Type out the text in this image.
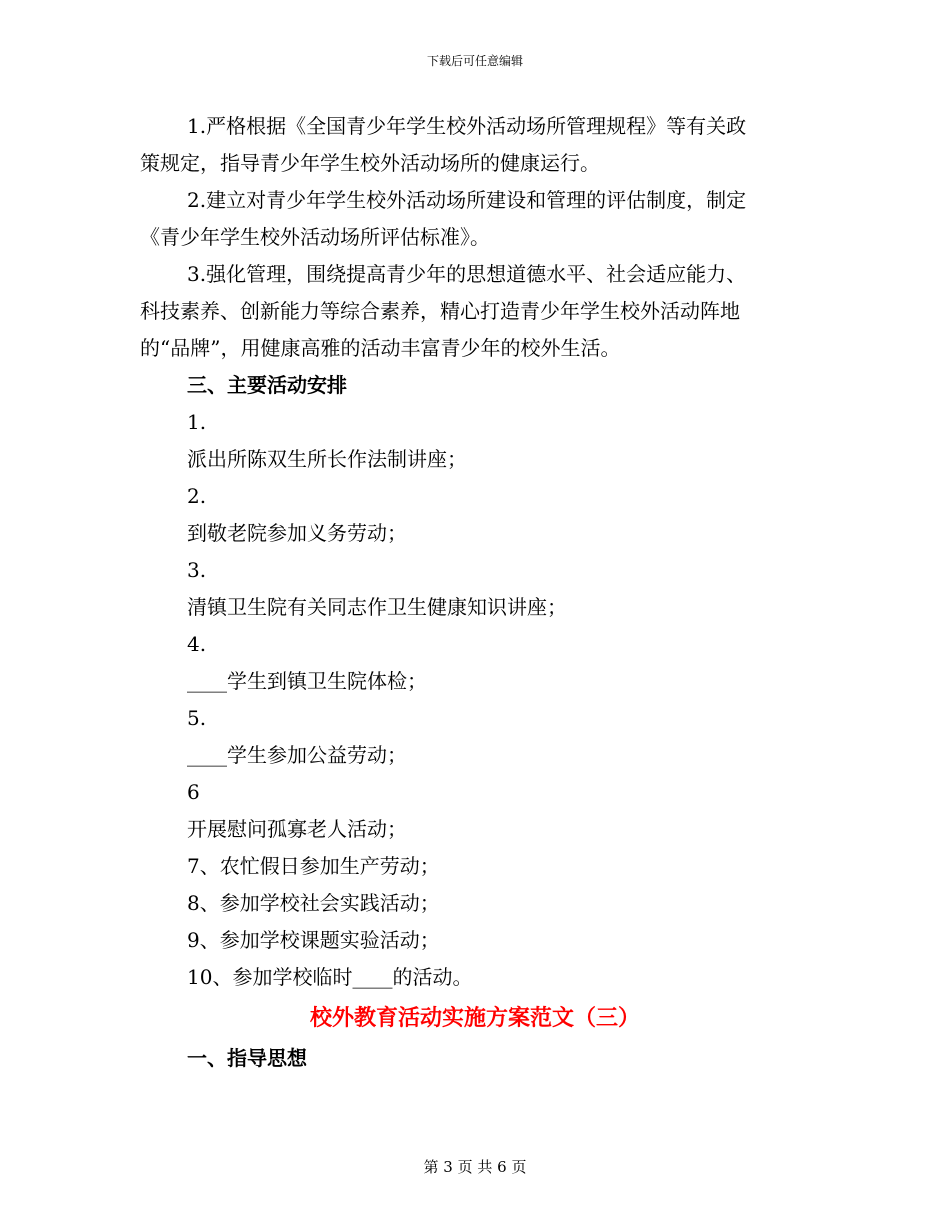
下载后可任意编辑
1.严格根据《全国青少年学生校外活动场所管理规程》等有关政
策规定，指导青少年学生校外活动场所的健康运行。
2.建立对青少年学生校外活动场所建设和管理的评估制度，制定
《青少年学生校外活动场所评估标准》。
3.强化管理，围绕提高青少年的思想道德水平、社会适应能力、
科技素养、创新能力等综合素养，精心打造青少年学生校外活动阵地
的“品牌”，用健康高雅的活动丰富青少年的校外生活。
三、主要活动安排
1.
派出所陈双生所长作法制讲座；
2.
到敬老院参加义务劳动；
3.
清镇卫生院有关同志作卫生健康知识讲座；
4.
____学生到镇卫生院体检；
5.
____学生参加公益劳动；
6
开展慰问孤寡老人活动；
7、农忙假日参加生产劳动；
8、参加学校社会实践活动；
9、参加学校课题实验活动；
10、参加学校临时____的活动。
校外教育活动实施方案范文（三）
一、指导思想
第 3 页 共 6 页
